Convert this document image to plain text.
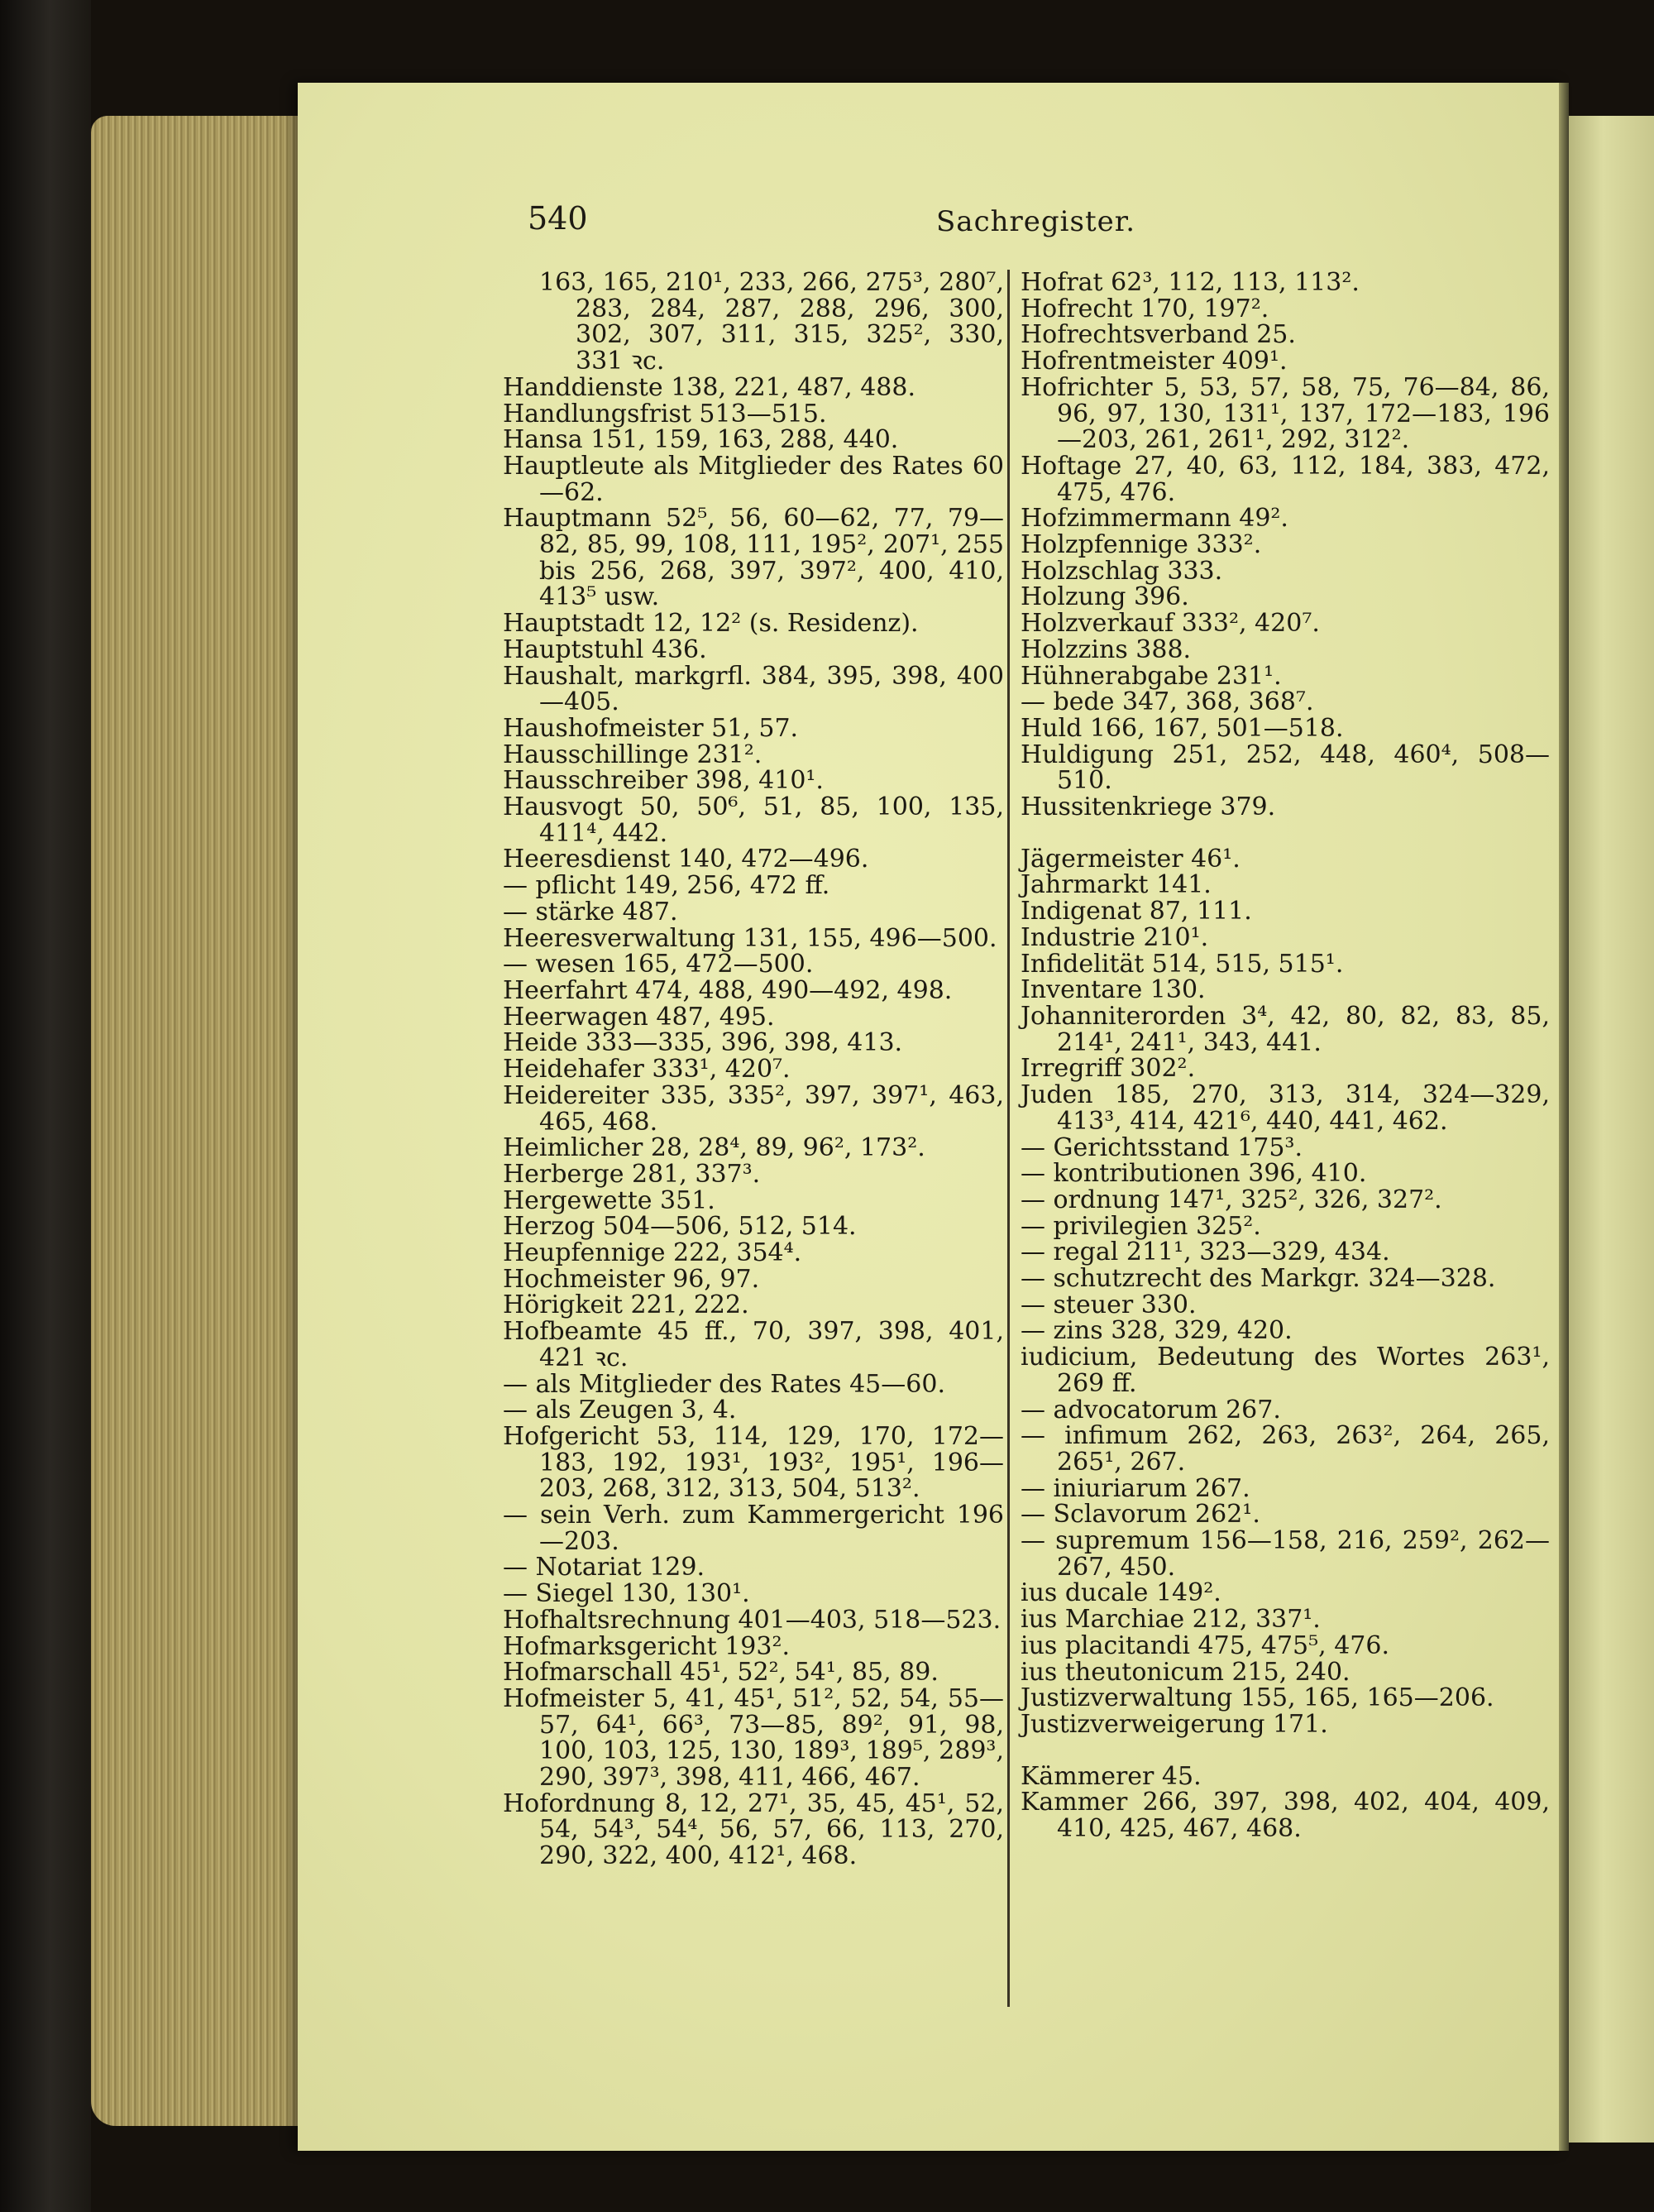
540	Sachregister.
163, 165, 210¹, 233, 266, 275³, 280⁷, 283, 284, 287, 288, 296, 300, 302, 307, 311, 315, 325², 330, 331 ꝛc.
Handdienste 138, 221, 487, 488.
Handlungsfrist 513—515.
Hansa 151, 159, 163, 288, 440.
Hauptleute als Mitglieder des Rates 60—62.
Hauptmann 52⁵, 56, 60—62, 77, 79—82, 85, 99, 108, 111, 195², 207¹, 255 bis 256, 268, 397, 397², 400, 410, 413⁵ usw.
Hauptstadt 12, 12² (s. Residenz).
Hauptstuhl 436.
Haushalt, markgrfl. 384, 395, 398, 400—405.
Haushofmeister 51, 57.
Hausschillinge 231².
Hausschreiber 398, 410¹.
Hausvogt 50, 50⁶, 51, 85, 100, 135, 411⁴, 442.
Heeresdienst 140, 472—496.
— pflicht 149, 256, 472 ff.
— stärke 487.
Heeresverwaltung 131, 155, 496—500.
— wesen 165, 472—500.
Heerfahrt 474, 488, 490—492, 498.
Heerwagen 487, 495.
Heide 333—335, 396, 398, 413.
Heidehafer 333¹, 420⁷.
Heidereiter 335, 335², 397, 397¹, 463, 465, 468.
Heimlicher 28, 28⁴, 89, 96², 173².
Herberge 281, 337³.
Hergewette 351.
Herzog 504—506, 512, 514.
Heupfennige 222, 354⁴.
Hochmeister 96, 97.
Hörigkeit 221, 222.
Hofbeamte 45 ff., 70, 397, 398, 401, 421 ꝛc.
— als Mitglieder des Rates 45—60.
— als Zeugen 3, 4.
Hofgericht 53, 114, 129, 170, 172—183, 192, 193¹, 193², 195¹, 196—203, 268, 312, 313, 504, 513².
— sein Verh. zum Kammergericht 196—203.
— Notariat 129.
— Siegel 130, 130¹.
Hofhaltsrechnung 401—403, 518—523.
Hofmarksgericht 193².
Hofmarschall 45¹, 52², 54¹, 85, 89.
Hofmeister 5, 41, 45¹, 51², 52, 54, 55—57, 64¹, 66³, 73—85, 89², 91, 98, 100, 103, 125, 130, 189³, 189⁵, 289³, 290, 397³, 398, 411, 466, 467.
Hofordnung 8, 12, 27¹, 35, 45, 45¹, 52, 54, 54³, 54⁴, 56, 57, 66, 113, 270, 290, 322, 400, 412¹, 468.
Hofrat 62³, 112, 113, 113².
Hofrecht 170, 197².
Hofrechtsverband 25.
Hofrentmeister 409¹.
Hofrichter 5, 53, 57, 58, 75, 76—84, 86, 96, 97, 130, 131¹, 137, 172—183, 196—203, 261, 261¹, 292, 312².
Hoftage 27, 40, 63, 112, 184, 383, 472, 475, 476.
Hofzimmermann 49².
Holzpfennige 333².
Holzschlag 333.
Holzung 396.
Holzverkauf 333², 420⁷.
Holzzins 388.
Hühnerabgabe 231¹.
— bede 347, 368, 368⁷.
Huld 166, 167, 501—518.
Huldigung 251, 252, 448, 460⁴, 508—510.
Hussitenkriege 379.
Jägermeister 46¹.
Jahrmarkt 141.
Indigenat 87, 111.
Industrie 210¹.
Infidelität 514, 515, 515¹.
Inventare 130.
Johanniterorden 3⁴, 42, 80, 82, 83, 85, 214¹, 241¹, 343, 441.
Irregriff 302².
Juden 185, 270, 313, 314, 324—329, 413³, 414, 421⁶, 440, 441, 462.
— Gerichtsstand 175³.
— kontributionen 396, 410.
— ordnung 147¹, 325², 326, 327².
— privilegien 325².
— regal 211¹, 323—329, 434.
— schutzrecht des Markgr. 324—328.
— steuer 330.
— zins 328, 329, 420.
iudicium, Bedeutung des Wortes 263¹, 269 ff.
— advocatorum 267.
— infimum 262, 263, 263², 264, 265, 265¹, 267.
— iniuriarum 267.
— Sclavorum 262¹.
— supremum 156—158, 216, 259², 262—267, 450.
ius ducale 149².
ius Marchiae 212, 337¹.
ius placitandi 475, 475⁵, 476.
ius theutonicum 215, 240.
Justizverwaltung 155, 165, 165—206.
Justizverweigerung 171.
Kämmerer 45.
Kammer 266, 397, 398, 402, 404, 409, 410, 425, 467, 468.
